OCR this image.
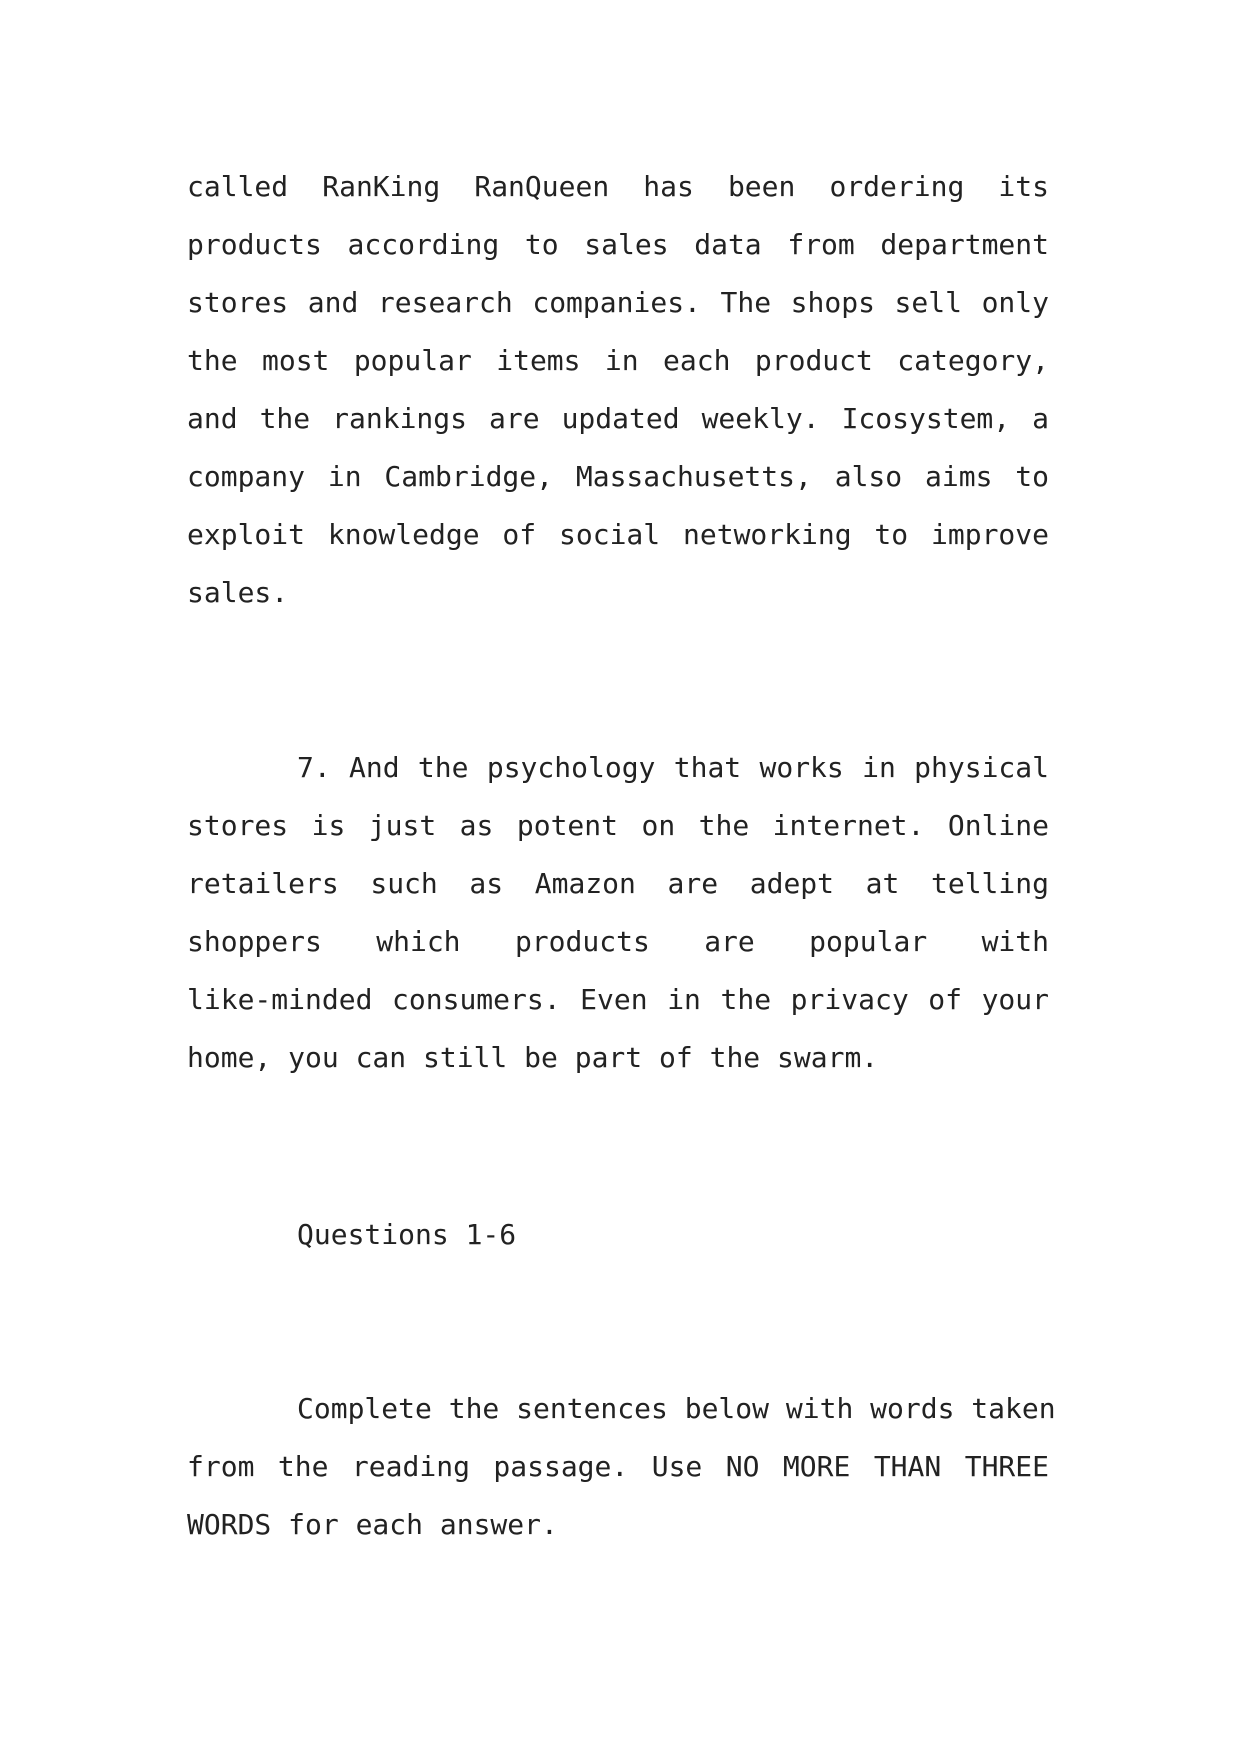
called RanKing RanQueen has been ordering its
products according to sales data from department
stores and research companies. The shops sell only
the most popular items in each product category,
and the rankings are updated weekly. Icosystem, a
company in Cambridge, Massachusetts, also aims to
exploit knowledge of social networking to improve
sales.
7. And the psychology that works in physical
stores is just as potent on the internet. Online
retailers such as Amazon are adept at telling
shoppers which products are popular with
like-minded consumers. Even in the privacy of your
home, you can still be part of the swarm.
Questions 1-6
Complete the sentences below with words taken
from the reading passage. Use NO MORE THAN THREE
WORDS for each answer.
